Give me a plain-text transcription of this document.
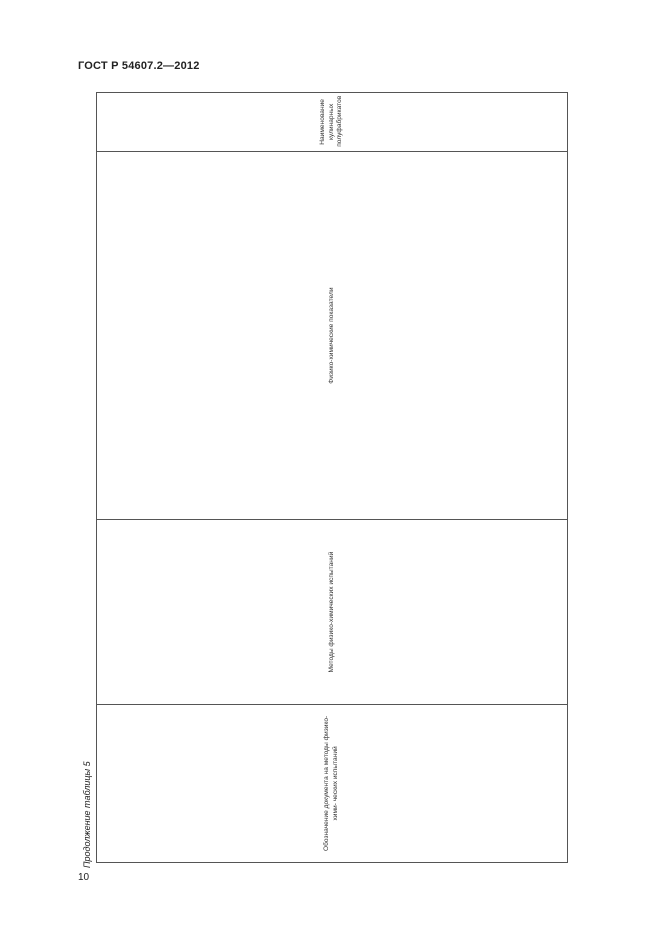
ГОСТ Р 54607.2—2012
10
Продолжение таблицы 5	Обозначение документа на методы физико-хими- ческих испытаний	Методы физико-химических испытаний	Физико-химические показатели	Наименование кулинарных полуфабрикатов
